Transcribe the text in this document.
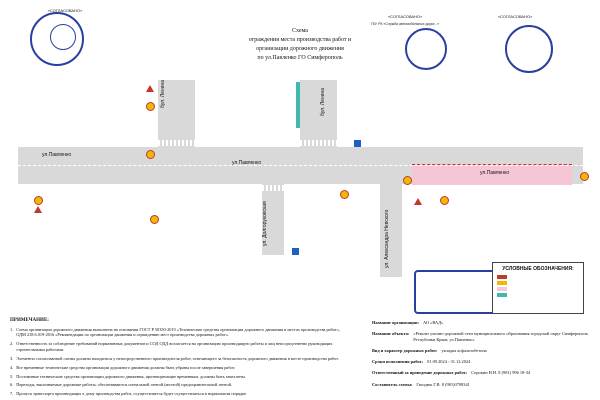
Схема
ограждения места производства работ и
организации дорожного движения
по ул.Павленко ГО Симферополь
«СОГЛАСОВАНО»
«СОГЛАСОВАНО»
ГБУ РК «Служба автомобильных дорог...»
«СОГЛАСОВАНО»
ул.Павленко
ул.Павленко
ул.Павленко
бул. Ленина	бул. Ленина
ул. Долгоруковская	ул. Александра Невского
УСЛОВНЫЕ ОБОЗНАЧЕНИЯ:
ПРИМЕЧАНИЕ:
1. Схема организации дорожного движения выполнена на основании ГОСТ Р 50350-2019 «Технические средства организации дорожного движения в местах производства работ», ОДМ 218.6.019-2016 «Рекомендации по организации движения и ограждению мест производства дорожных работ».
2. Ответственность за соблюдение требований нормативных документов и СОД ОДД возлагается на организацию производящую работы и лиц непосредственно руководящих строительными работами.
3. Элементы согласованной схемы должны находиться у непосредственного производителя работ, отвечающего за безопасность дорожного движения в месте производства работ.
4. Все временные технические средства организации дорожного движения должны быть убраны после завершения работ.
5. Постоянные технические средства организации дорожного движения, противоречащие временным, должны быть зачехлены.
6. Переходы, выполняемые дорожные работы, обеспечиваются сигнальной лентой (желтой) предохранительной лентой.
7. Пропуск транспорта производящих к дому производства работ, осуществляется будет осуществляться в нормальном порядке.
Название организации: АО «ВАД»
Название объекта: «Ремонт улично-дорожной сети муниципального образования городской округ Симферополь Республики Крым, ул.Павленко»
Вид и характер дорожных работ: укладка асфальтобетона
Сроки исполнения работ: 01.09.2024 - 31.12.2024
Ответственный за проведение дорожных работ: Сорокин Н.Н. 8 (981) 996 18-34
Составитель схемы: Гвоздюк Г.В. 8 (981)0798341
